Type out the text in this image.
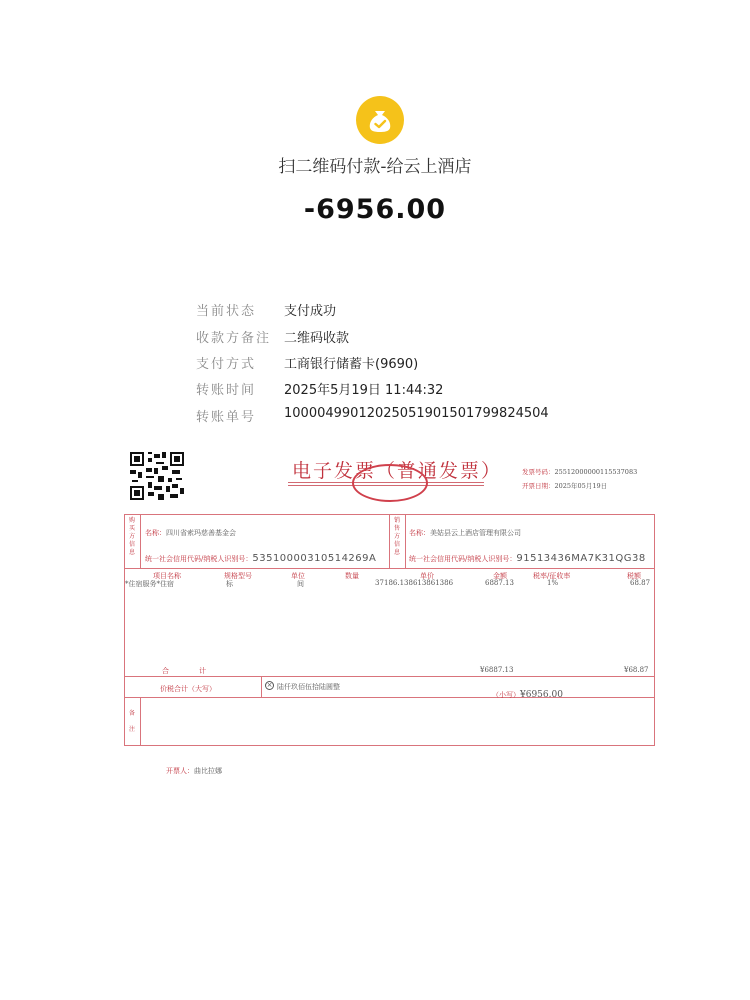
扫二维码付款-给云上酒店
-6956.00
当前状态 支付成功
收款方备注 二维码收款
支付方式 工商银行储蓄卡(9690)
转账时间 2025年5月19日 11:44:32
转账单号 100004990120250519015017998245​04
电子发票（普通发票）	发票号码：25512000000115537083
开票日期：2025年05月19日
购买方信息
销售方信息
名称：四川省索玛慈善基金会
统一社会信用代码/纳税人识别号：53510000310514269A
名称：美姑县云上酒店管理有限公司
统一社会信用代码/纳税人识别号：91513436MA7K31QG38
项目名称	规格型号	单位	数量	单价	金额	税率/征收率	税额
*住宿服务*住宿	标	间	37 186.138613861386	6887.13	1%	68.87
合计	¥6887.13	¥68.87
价税合计（大写）	× 陆仟玖佰伍拾陆圆整
（小写）¥6956.00
备注
开票人：曲比拉娜
